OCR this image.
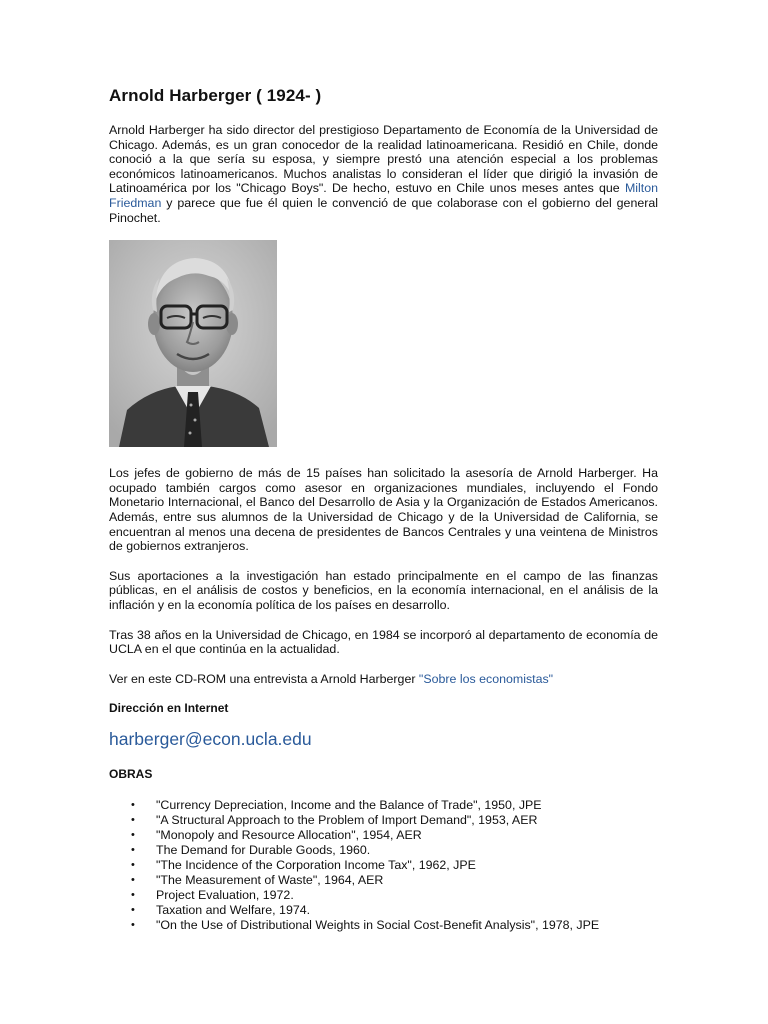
Arnold Harberger ( 1924- )

Arnold Harberger ha sido director del prestigioso Departamento de Economía de la Universidad de Chicago. Además, es un gran conocedor de la realidad latinoamericana. Residió en Chile, donde conoció a la que sería su esposa, y siempre prestó una atención especial a los problemas económicos latinoamericanos. Muchos analistas lo consideran el líder que dirigió la invasión de Latinoamérica por los "Chicago Boys". De hecho, estuvo en Chile unos meses antes que Milton Friedman y parece que fue él quien le convenció de que colaborase con el gobierno del general Pinochet.

Los jefes de gobierno de más de 15 países han solicitado la asesoría de Arnold Harberger. Ha ocupado también cargos como asesor en organizaciones mundiales, incluyendo el Fondo Monetario Internacional, el Banco del Desarrollo de Asia y la Organización de Estados Americanos. Además, entre sus alumnos de la Universidad de Chicago y de la Universidad de California, se encuentran al menos una decena de presidentes de Bancos Centrales y una veintena de Ministros de gobiernos extranjeros.

Sus aportaciones a la investigación han estado principalmente en el campo de las finanzas públicas, en el análisis de costos y beneficios, en la economía internacional, en el análisis de la inflación y en la economía política de los países en desarrollo.

Tras 38 años en la Universidad de Chicago, en 1984 se incorporó al departamento de economía de UCLA en el que continúa en la actualidad.

Ver en este CD-ROM una entrevista a Arnold Harberger "Sobre los economistas"

Dirección en Internet
harberger@econ.ucla.edu
OBRAS
• "Currency Depreciation, Income and the Balance of Trade", 1950, JPE
• "A Structural Approach to the Problem of Import Demand", 1953, AER
• "Monopoly and Resource Allocation", 1954, AER
• The Demand for Durable Goods, 1960.
• "The Incidence of the Corporation Income Tax", 1962, JPE
• "The Measurement of Waste", 1964, AER
• Project Evaluation, 1972.
• Taxation and Welfare, 1974.
• "On the Use of Distributional Weights in Social Cost-Benefit Analysis", 1978, JPE
